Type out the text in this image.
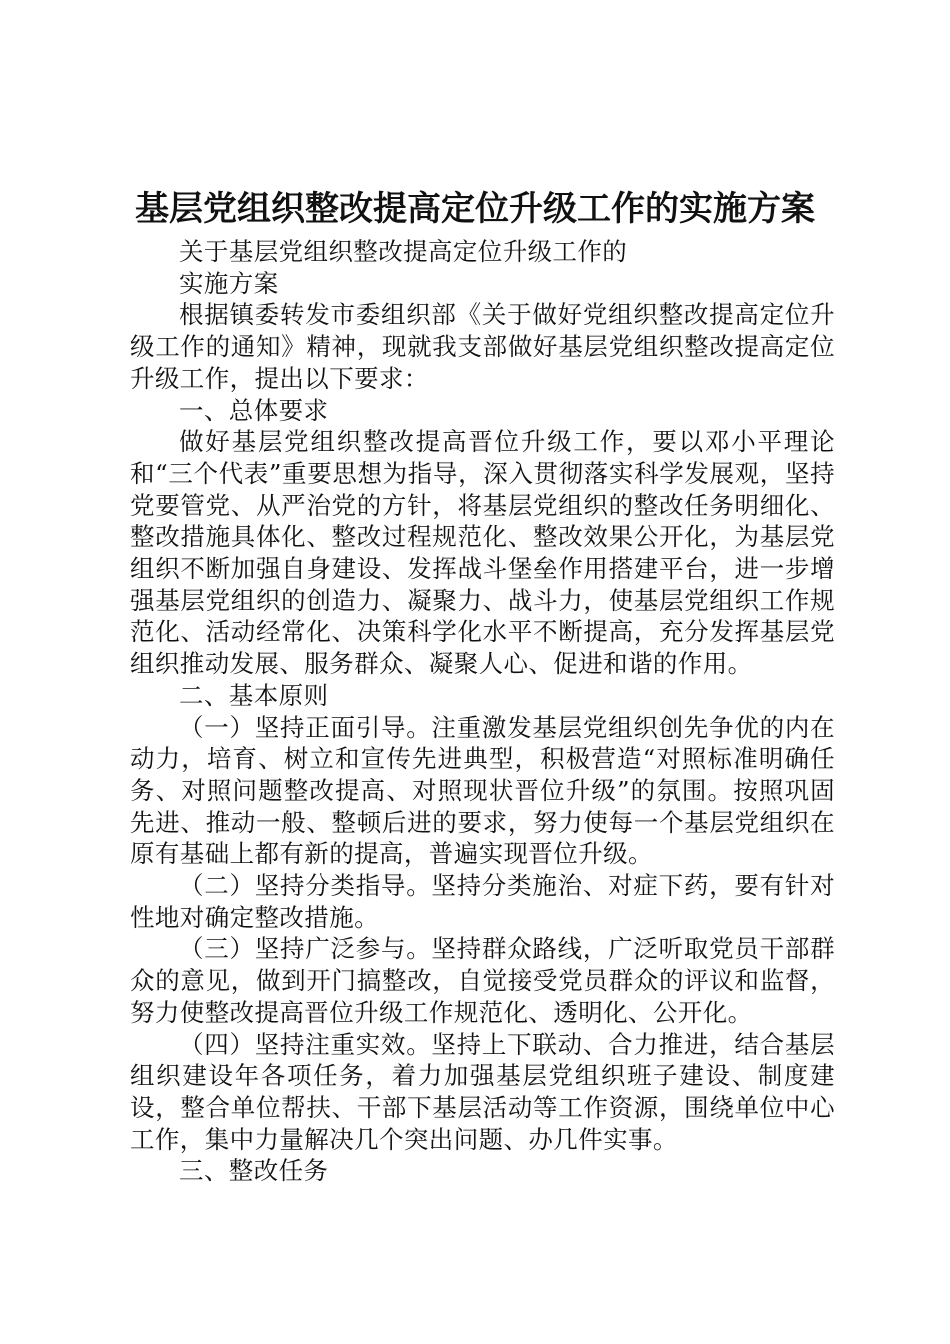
基层党组织整改提高定位升级工作的实施方案

关于基层党组织整改提高定位升级工作的

实施方案

根据镇委转发市委组织部《关于做好党组织整改提高定位升级工作的通知》精神，现就我支部做好基层党组织整改提高定位升级工作，提出以下要求：

一、总体要求

做好基层党组织整改提高晋位升级工作，要以邓小平理论和“三个代表”重要思想为指导，深入贯彻落实科学发展观，坚持党要管党、从严治党的方针，将基层党组织的整改任务明细化、整改措施具体化、整改过程规范化、整改效果公开化，为基层党组织不断加强自身建设、发挥战斗堡垒作用搭建平台，进一步增强基层党组织的创造力、凝聚力、战斗力，使基层党组织工作规范化、活动经常化、决策科学化水平不断提高，充分发挥基层党组织推动发展、服务群众、凝聚人心、促进和谐的作用。

二、基本原则

（一）坚持正面引导。注重激发基层党组织创先争优的内在动力，培育、树立和宣传先进典型，积极营造“对照标准明确任务、对照问题整改提高、对照现状晋位升级”的氛围。按照巩固先进、推动一般、整顿后进的要求，努力使每一个基层党组织在原有基础上都有新的提高，普遍实现晋位升级。

（二）坚持分类指导。坚持分类施治、对症下药，要有针对性地对确定整改措施。

（三）坚持广泛参与。坚持群众路线，广泛听取党员干部群众的意见，做到开门搞整改，自觉接受党员群众的评议和监督，努力使整改提高晋位升级工作规范化、透明化、公开化。

（四）坚持注重实效。坚持上下联动、合力推进，结合基层组织建设年各项任务，着力加强基层党组织班子建设、制度建设，整合单位帮扶、干部下基层活动等工作资源，围绕单位中心工作，集中力量解决几个突出问题、办几件实事。

三、整改任务
